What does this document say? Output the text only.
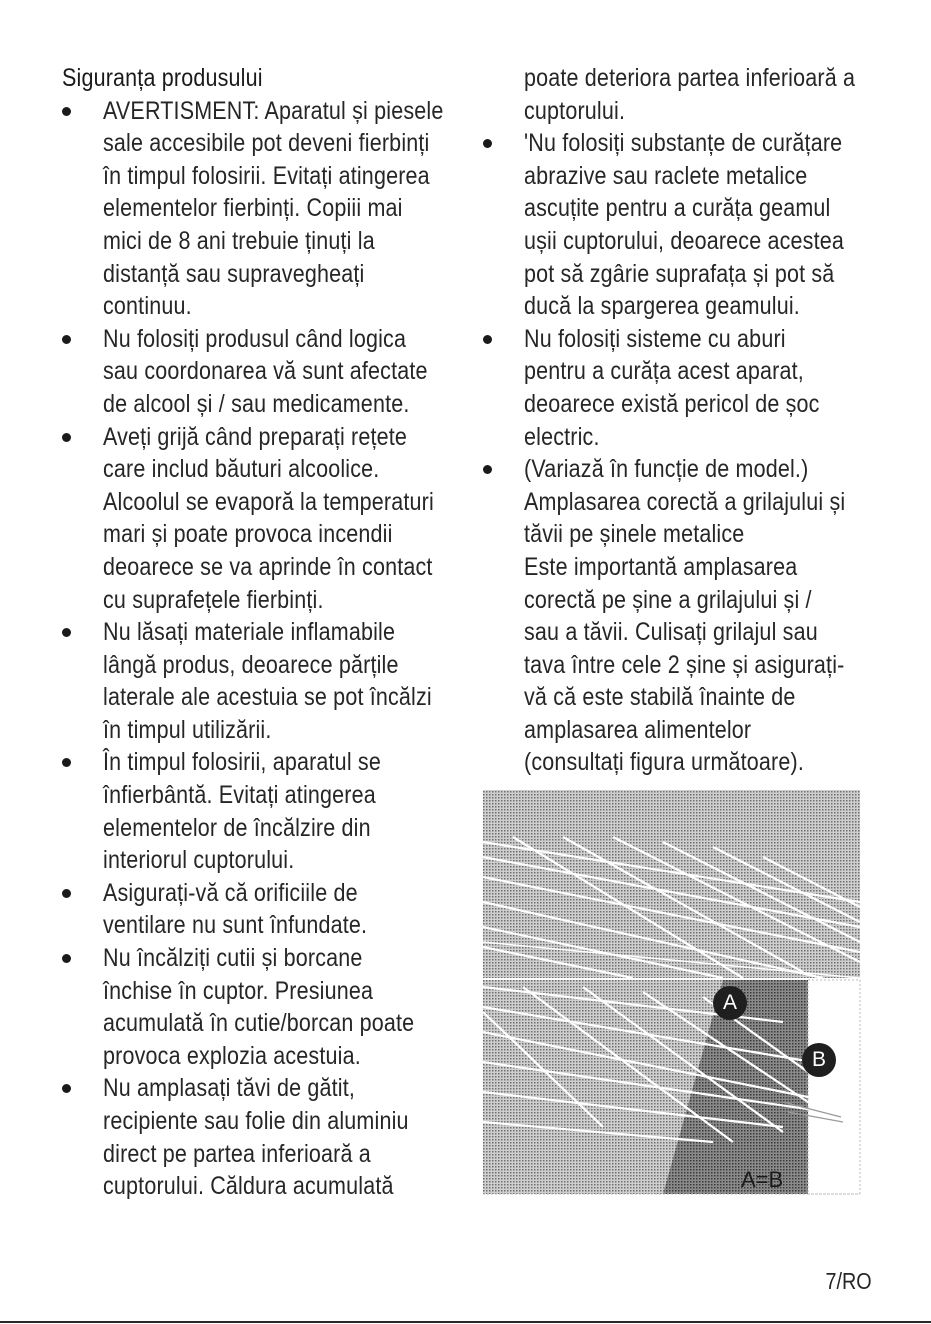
Siguranța produsului
AVERTISMENT: Aparatul și piesele
sale accesibile pot deveni fierbinți
în timpul folosirii. Evitați atingerea
elementelor fierbinți. Copiii mai
mici de 8 ani trebuie ținuți la
distanță sau supravegheați
continuu.
Nu folosiți produsul când logica
sau coordonarea vă sunt afectate
de alcool și / sau medicamente.
Aveți grijă când preparați rețete
care includ băuturi alcoolice.
Alcoolul se evaporă la temperaturi
mari și poate provoca incendii
deoarece se va aprinde în contact
cu suprafețele fierbinți.
Nu lăsați materiale inflamabile
lângă produs, deoarece părțile
laterale ale acestuia se pot încălzi
în timpul utilizării.
În timpul folosirii, aparatul se
înfierbântă. Evitați atingerea
elementelor de încălzire din
interiorul cuptorului.
Asigurați-vă că orificiile de
ventilare nu sunt înfundate.
Nu încălziți cutii și borcane
închise în cuptor. Presiunea
acumulată în cutie/borcan poate
provoca explozia acestuia.
Nu amplasați tăvi de gătit,
recipiente sau folie din aluminiu
direct pe partea inferioară a
cuptorului. Căldura acumulată
poate deteriora partea inferioară a
cuptorului.
'Nu folosiți substanțe de curățare
abrazive sau raclete metalice
ascuțite pentru a curăța geamul
ușii cuptorului, deoarece acestea
pot să zgârie suprafața și pot să
ducă la spargerea geamului.
Nu folosiți sisteme cu aburi
pentru a curăța acest aparat,
deoarece există pericol de șoc
electric.
(Variază în funcție de model.)
Amplasarea corectă a grilajului și
tăvii pe șinele metalice
Este importantă amplasarea
corectă pe șine a grilajului și /
sau a tăvii. Culisați grilajul sau
tava între cele 2 șine și asigurați-
vă că este stabilă înainte de
amplasarea alimentelor
(consultați figura următoare).
A
B
A=B
7/RO
